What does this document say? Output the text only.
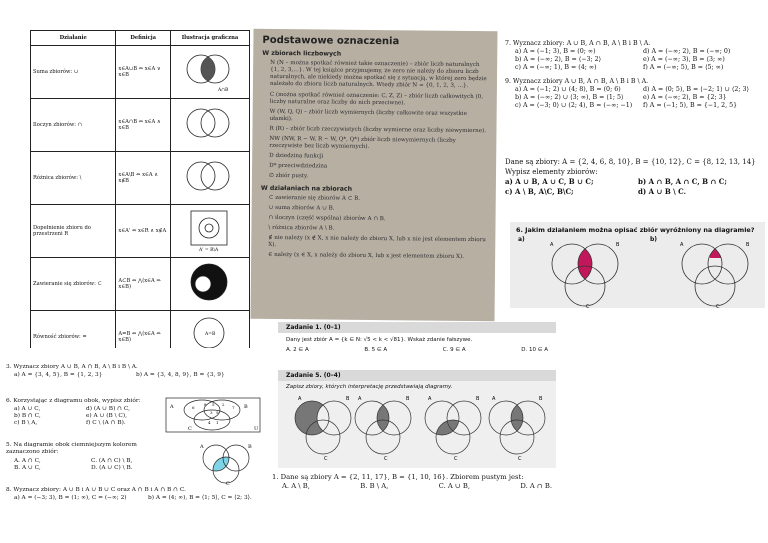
Działanie	Definicja	Ilustracja graficzna
Suma zbiorów: ∪	x∈A∪B ⇔ x∈A ∨ x∈B	A∩B

Iloczyn zbiorów: ∩	x∈A∩B ⇔ x∈A ∧ x∈B	
Różnica zbiorów: \	x∈A\B ⇔ x∈A ∧ x∉B	
Dopełnienie zbioru do przestrzeni R	x∈A' ⇔ x∈R ∧ x∉A	A' = R\A

Zawieranie się zbiorów: ⊂	A⊂B ⇔ ⋀(x∈A ⇒ x∈B)	
Równość zbiorów: =	A=B ⇔ ⋀(x∈A ⇔ x∈B)	A=B
Podstawowe oznaczenia
W zbiorach liczbowych
N (N – można spotkać również takie oznaczenie) – zbiór liczb naturalnych {1, 2, 3,…}. W tej książce przyjmujemy, że zero nie należy do zbioru liczb naturalnych, ale niekiedy można spotkać się z sytuacją, w której zero będzie należało do zbioru liczb naturalnych. Wtedy zbiór N = {0, 1, 2, 3, …}.
C (można spotkać również oznaczenie: C, Z, Z) – zbiór liczb całkowitych (0, liczby naturalne oraz liczby do nich przeciwne).
W (W, Q, Q) – zbiór liczb wymiernych (liczby całkowite oraz wszystkie ułamki).
R (R) – zbiór liczb rzeczywistych (liczby wymierne oraz liczby niewymierne).
NW (NW, R − W, R − W, Q*, Q*) zbiór liczb niewymiernych (liczby rzeczywiste bez liczb wymiernych).
D dziedzina funkcji
D* przeciwdziedzina
∅ zbiór pusty.
W działaniach na zbiorach
⊂ zawieranie się zbiorów A ⊂ B.
∪ suma zbiorów A ∪ B.
∩ iloczyn (część wspólna) zbiorów A ∩ B.
\ różnica zbiorów A \ B.
∉ nie należy (x ∉ X, x nie należy do zbioru X, lub x nie jest elementem zbioru X).
∈ należy (x ∈ X, x należy do zbioru X, lub x jest elementem zbioru X).
7. Wyznacz zbiory: A ∪ B, A ∩ B, A \ B i B \ A.
a) A = (−1; 3), B = (0; ∞)	d) A = (−∞; 2), B = (−∞; 0)
b) A = (−∞; 2), B = ⟨−3; 2⟩	e) A = (−∞; 3), B = ⟨3; ∞)
c) A = (−∞; 1), B = (4; ∞)	f) A = (−∞; 5), B = ⟨5; ∞)
9. Wyznacz zbiory A ∪ B, A ∩ B, A \ B i B \ A.
a) A = (−1; 2) ∪ (4; 8), B = (0; 6)	d) A = (0; 5), B = ⟨−2; 1⟩ ∪ ⟨2; 3⟩
b) A = (−∞; 2) ∪ ⟨3; ∞), B = ⟨1; 5⟩	e) A = (−∞; 2), B = {2; 3}
c) A = ⟨−3; 0⟩ ∪ (2; 4), B = (−∞; −1)	f) A = (−1; 5), B = {−1, 2, 5}
Dane są zbiory: A = {2, 4, 6, 8, 10}, B = {10, 12}, C = {8, 12, 13, 14}
Wypisz elementy zbiorów:
a) A ∪ B, A ∪ C, B ∪ C;	b) A ∩ B, A ∩ C, B ∩ C;
c) A \ B, A\C, B\C;	d) A ∪ B \ C.
6. Jakim działaniem można opisać zbiór wyróżniony na diagramie?
a)	b)
A	B
C
A	B
C
Zadanie 1. (0–1)
Dany jest zbiór A = {k ∈ N: √5 < k < √81}. Wskaż zdanie fałszywe.
A. 2 ∈ A	B. 5 ∈ A	C. 9 ∈ A	D. 10 ∈ A
Zadanie 5. (0–4)
Zapisz zbiory, których interpretację przedstawiają diagramy.
A	B
C
A	B
C
A	B
C
A	B
C
1. Dane są zbiory A = {2, 11, 17}, B = {1, 10, 16}. Zbiorem pustym jest:
A. A \ B,	B. B \ A,	C. A ∪ B,	D. A ∩ B.
3. Wyznacz zbiory A ∪ B, A ∩ B, A \ B i B \ A.
a) A = {3, 4, 5}, B = {1, 2, 3}	b) A = {3, 4, 8, 9}, B = {3, 9}
6. Korzystając z diagramu obok, wypisz zbiór:
a) A ∪ C,	d) (A ∪ B) ∩ C,
b) B ∩ C,	e) A ∪ (B \ C),
c) B \ A,	f) C \ (A ∩ B).
A	B
C	U
6
8 5 2
7
3 9
4 1
5. Na diagramie obok ciemniejszym kolorem zaznaczono zbiór:
A. A ∩ C,	C. (A ∩ C) \ B,
B. A ∪ C,	D. (A ∪ C) \ B.
A	B
C
8. Wyznacz zbiory: A ∪ B i A ∪ B ∪ C oraz A ∩ B i A ∩ B ∩ C.
a) A = (−3; 3), B = (1; ∞), C = (−∞; 2)	b) A = (4; ∞), B = ⟨1; 5⟩, C = ⟨2; 3⟩.
